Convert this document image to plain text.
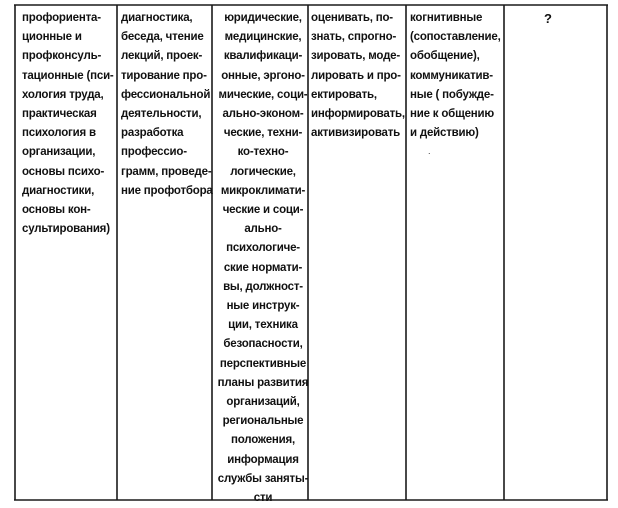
профориента-
ционные и
профконсуль-
тационные (пси-
хология труда,
практическая
психология в
организации,
основы психо-
диагностики,
основы кон-
сультирования)
диагностика,
беседа, чтение
лекций, проек-
тирование про-
фессиональной
деятельности,
разработка
профессио-
грамм, проведе-
ние профотбора
юридические,
медицинские,
квалификаци-
онные, эргоно-
мические, соци-
ально-эконом-
ческие, техни-
ко-техно-
логические,
микроклимати-
ческие и соци-
ально-
психологиче-
ские нормати-
вы, должност-
ные инструк-
ции, техника
безопасности,
перспективные
планы развития
организаций,
региональные
положения,
информация
службы заняты-
сти
оценивать, по-
знать, спрогно-
зировать, моде-
лировать и про-
ектировать,
информировать,
активизировать
когнитивные
(сопоставление,
обобщение),
коммуникатив-
ные ( побужде-
ние к общению
и действию)
?
.
